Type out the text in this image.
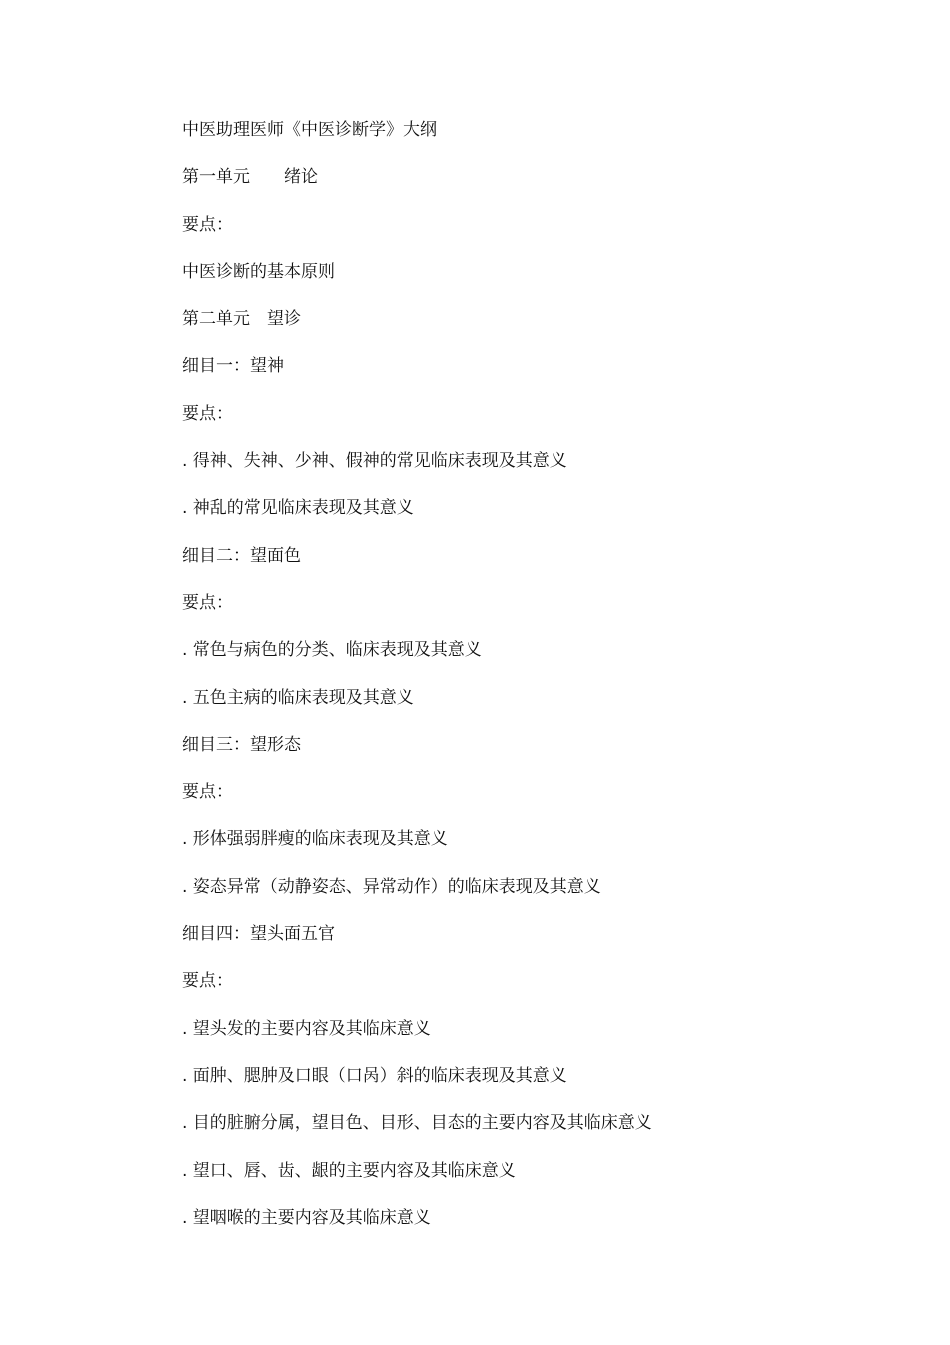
中医助理医师《中医诊断学》大纲
第一单元　　绪论
要点：
中医诊断的基本原则
第二单元　望诊
细目一：望神
要点：
. 得神、失神、少神、假神的常见临床表现及其意义
. 神乱的常见临床表现及其意义
细目二：望面色
要点：
. 常色与病色的分类、临床表现及其意义
. 五色主病的临床表现及其意义
细目三：望形态
要点：
. 形体强弱胖瘦的临床表现及其意义
. 姿态异常（动静姿态、异常动作）的临床表现及其意义
细目四：望头面五官
要点：
. 望头发的主要内容及其临床意义
. 面肿、腮肿及口眼（口呙）斜的临床表现及其意义
. 目的脏腑分属，望目色、目形、目态的主要内容及其临床意义
. 望口、唇、齿、龈的主要内容及其临床意义
. 望咽喉的主要内容及其临床意义
